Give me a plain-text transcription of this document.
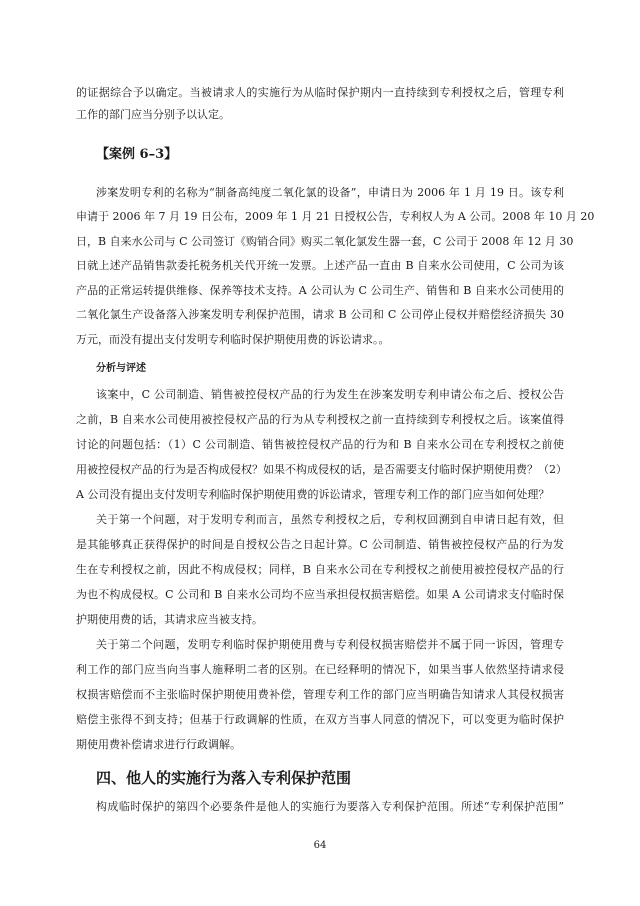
的证据综合予以确定。当被请求人的实施行为从临时保护期内一直持续到专利授权之后，管理专利

工作的部门应当分别予以认定。

【案例 6–3】

涉案发明专利的名称为“制备高纯度二氧化氯的设备”，申请日为 2006 年 1 月 19 日。该专利

申请于 2006 年 7 月 19 日公布，2009 年 1 月 21 日授权公告，专利权人为 A 公司。2008 年 10 月 20

日，B 自来水公司与 C 公司签订《购销合同》购买二氧化氯发生器一套，C 公司于 2008 年 12 月 30

日就上述产品销售款委托税务机关代开统一发票。上述产品一直由 B 自来水公司使用，C 公司为该

产品的正常运转提供维修、保养等技术支持。A 公司认为 C 公司生产、销售和 B 自来水公司使用的

二氧化氯生产设备落入涉案发明专利保护范围，请求 B 公司和 C 公司停止侵权并赔偿经济损失 30

万元，而没有提出支付发明专利临时保护期使用费的诉讼请求。。

分析与评述

该案中，C 公司制造、销售被控侵权产品的行为发生在涉案发明专利申请公布之后、授权公告

之前，B 自来水公司使用被控侵权产品的行为从专利授权之前一直持续到专利授权之后。该案值得

讨论的问题包括：（1）C 公司制造、销售被控侵权产品的行为和 B 自来水公司在专利授权之前使

用被控侵权产品的行为是否构成侵权？如果不构成侵权的话，是否需要支付临时保护期使用费？（2）

A 公司没有提出支付发明专利临时保护期使用费的诉讼请求，管理专利工作的部门应当如何处理？

关于第一个问题，对于发明专利而言，虽然专利授权之后，专利权回溯到自申请日起有效，但

是其能够真正获得保护的时间是自授权公告之日起计算。C 公司制造、销售被控侵权产品的行为发

生在专利授权之前，因此不构成侵权；同样，B 自来水公司在专利授权之前使用被控侵权产品的行

为也不构成侵权。C 公司和 B 自来水公司均不应当承担侵权损害赔偿。如果 A 公司请求支付临时保

护期使用费的话，其请求应当被支持。

关于第二个问题，发明专利临时保护期使用费与专利侵权损害赔偿并不属于同一诉因，管理专

利工作的部门应当向当事人施释明二者的区别。在已经释明的情况下，如果当事人依然坚持请求侵

权损害赔偿而不主张临时保护期使用费补偿，管理专利工作的部门应当明确告知请求人其侵权损害

赔偿主张得不到支持；但基于行政调解的性质，在双方当事人同意的情况下，可以变更为临时保护

期使用费补偿请求进行行政调解。

四、他人的实施行为落入专利保护范围

构成临时保护的第四个必要条件是他人的实施行为要落入专利保护范围。所述“专利保护范围”

64
